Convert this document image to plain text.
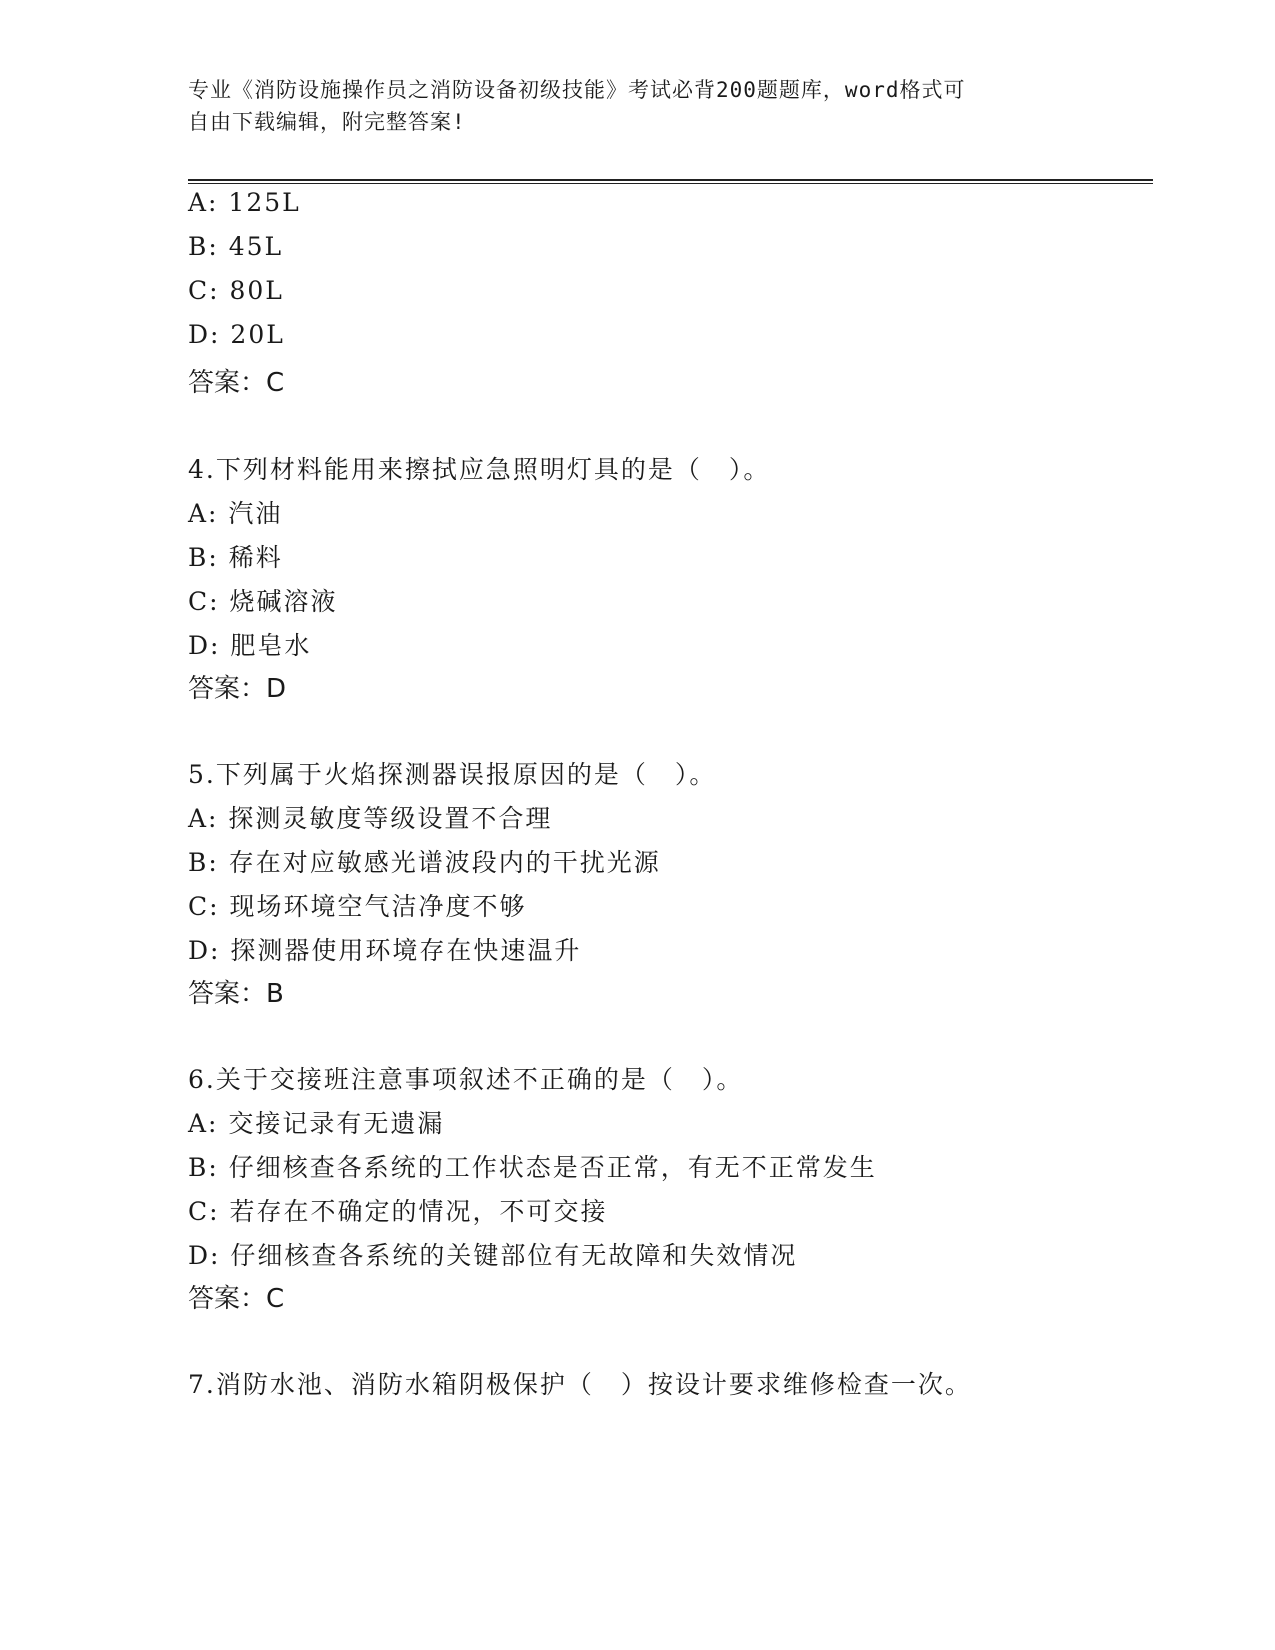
专业《消防设施操作员之消防设备初级技能》考试必背200题题库，word格式可
自由下载编辑，附完整答案!
A: 125L
B: 45L
C: 80L
D: 20L
答案：C
4.下列材料能用来擦拭应急照明灯具的是（　）。
A: 汽油
B: 稀料
C: 烧碱溶液
D: 肥皂水
答案：D
5.下列属于火焰探测器误报原因的是（　）。
A: 探测灵敏度等级设置不合理
B: 存在对应敏感光谱波段内的干扰光源
C: 现场环境空气洁净度不够
D: 探测器使用环境存在快速温升
答案：B
6.关于交接班注意事项叙述不正确的是（　）。
A: 交接记录有无遗漏
B: 仔细核查各系统的工作状态是否正常，有无不正常发生
C: 若存在不确定的情况，不可交接
D: 仔细核查各系统的关键部位有无故障和失效情况
答案：C
7.消防水池、消防水箱阴极保护（　）按设计要求维修检查一次。
